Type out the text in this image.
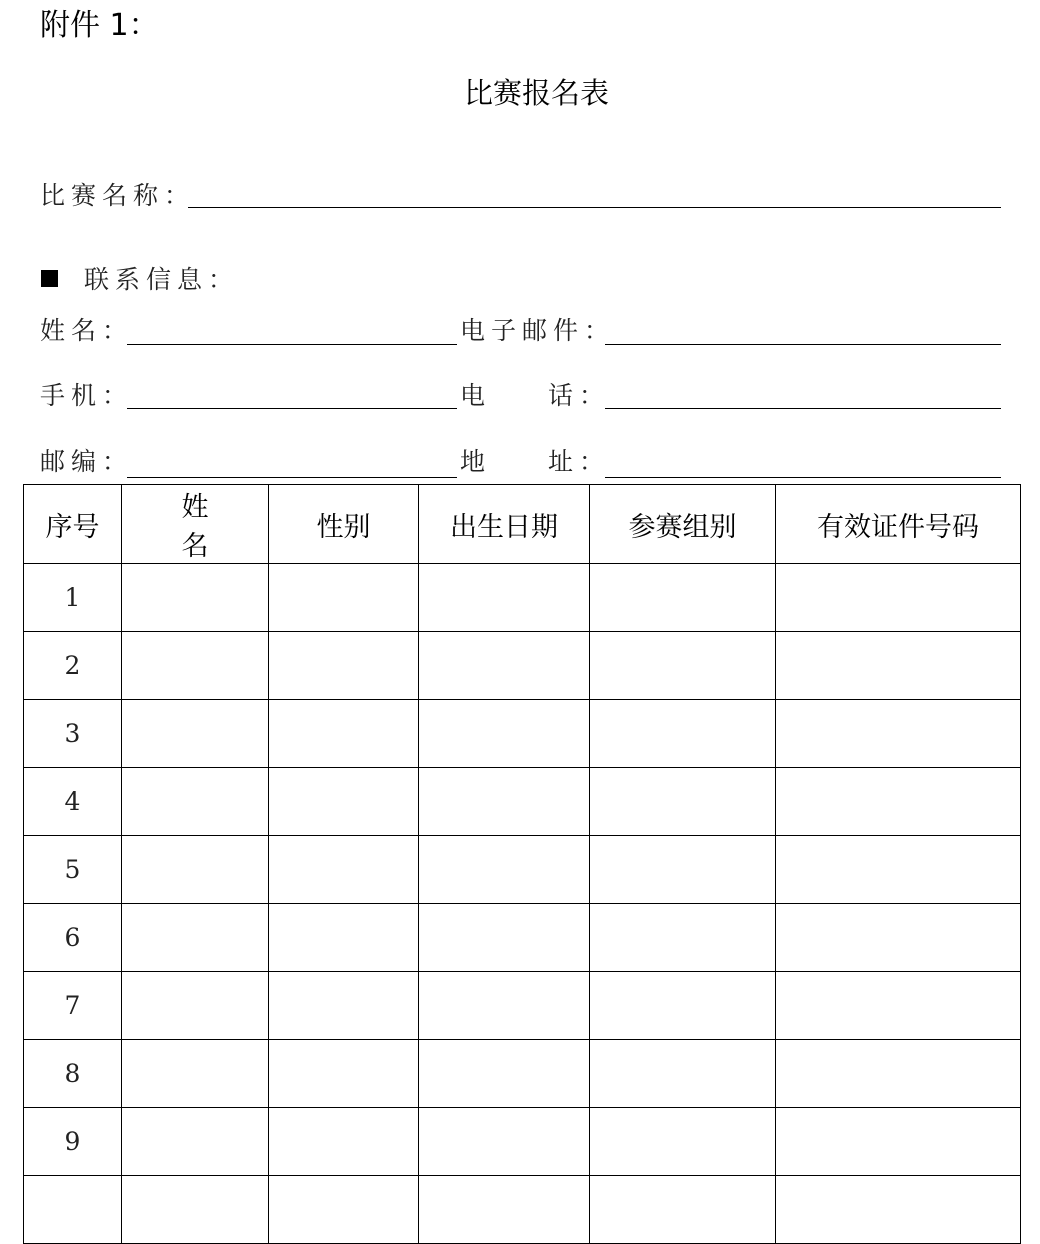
附件 1：
比赛报名表
比赛名称：
联系信息：
姓名：	电子邮件：
手机：	电 话：
邮编：	地 址：
序号	姓 名	性别	出生日期	参赛组别	有效证件号码
1					
2					
3					
4					
5					
6					
7					
8					
9					
